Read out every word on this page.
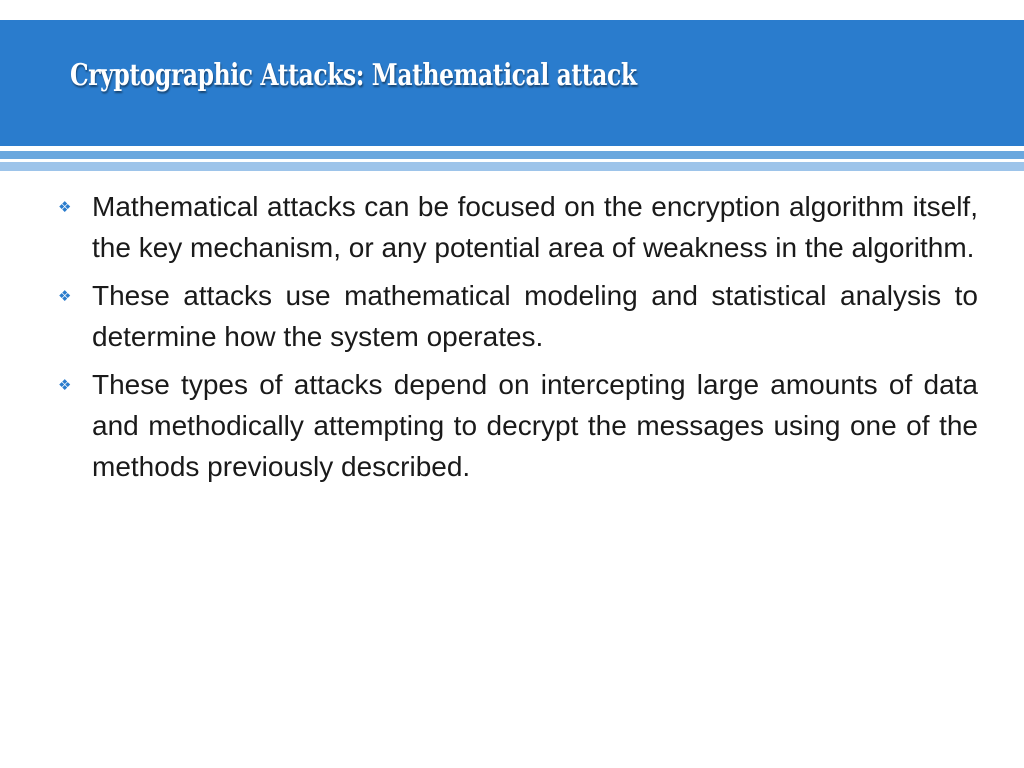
Cryptographic Attacks: Mathematical attack
❖ Mathematical attacks can be focused on the encryption algorithm itself, the key mechanism, or any potential area of weakness in the algorithm.
❖ These attacks use mathematical modeling and statistical analysis to determine how the system operates.
❖ These types of attacks depend on intercepting large amounts of data and methodically attempting to decrypt the messages using one of the methods previously described.
